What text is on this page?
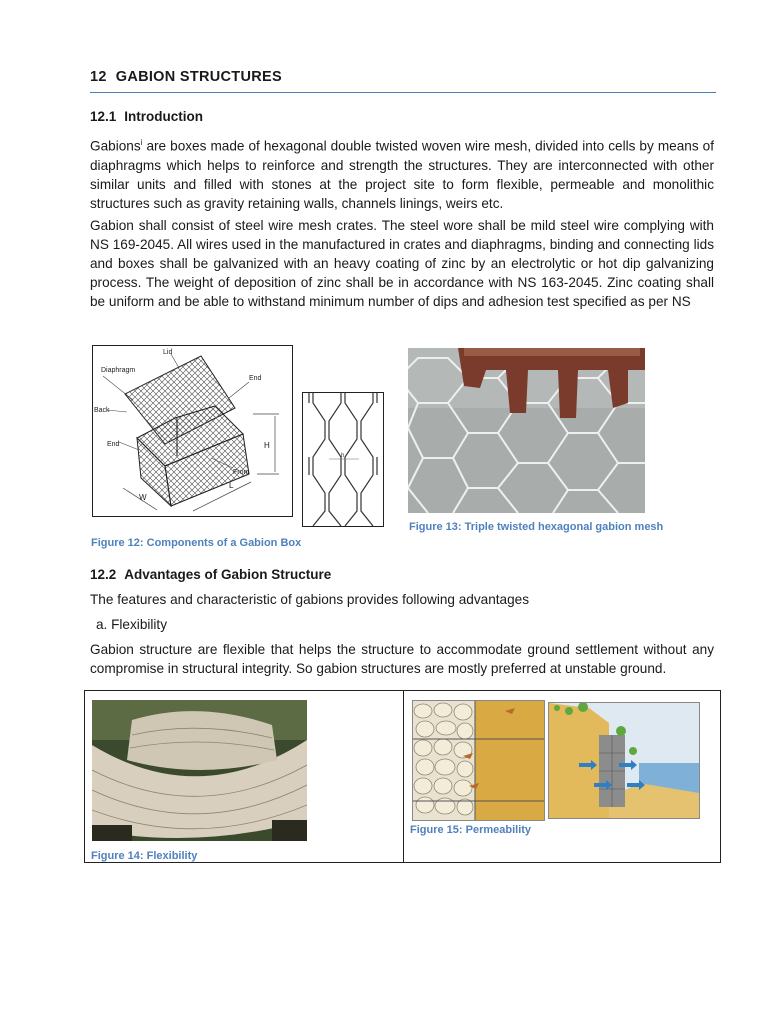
12 GABION STRUCTURES
12.1 Introduction

Gabions$^i$ are boxes made of hexagonal double twisted woven wire mesh, divided into cells by means of diaphragms which helps to reinforce and strength the structures. They are interconnected with other similar units and filled with stones at the project site to form flexible, permeable and monolithic structures such as gravity retaining walls, channels linings, weirs etc.

Gabion shall consist of steel wire mesh crates. The steel wore shall be mild steel wire complying with NS 169-2045. All wires used in the manufactured in crates and diaphragms, binding and connecting lids and boxes shall be galvanized with an heavy coating of zinc by an electrolytic or hot dip galvanizing process. The weight of deposition of zinc shall be in accordance with NS 163-2045. Zinc coating shall be uniform and be able to withstand minimum number of dips and adhesion test specified as per NS

12.2 Advantages of Gabion Structure

The features and characteristic of gabions provides following advantages

a. Flexibility

Gabion structure are flexible that helps the structure to accommodate ground settlement without any compromise in structural integrity. So gabion structures are mostly preferred at unstable ground.

Lid
Diaphragm
End
Back
End
Front
H
L
W
h
Figure 12: Components of a Gabion Box
Figure 13: Triple twisted hexagonal gabion mesh
Figure 14: Flexibility
Figure 15: Permeability
